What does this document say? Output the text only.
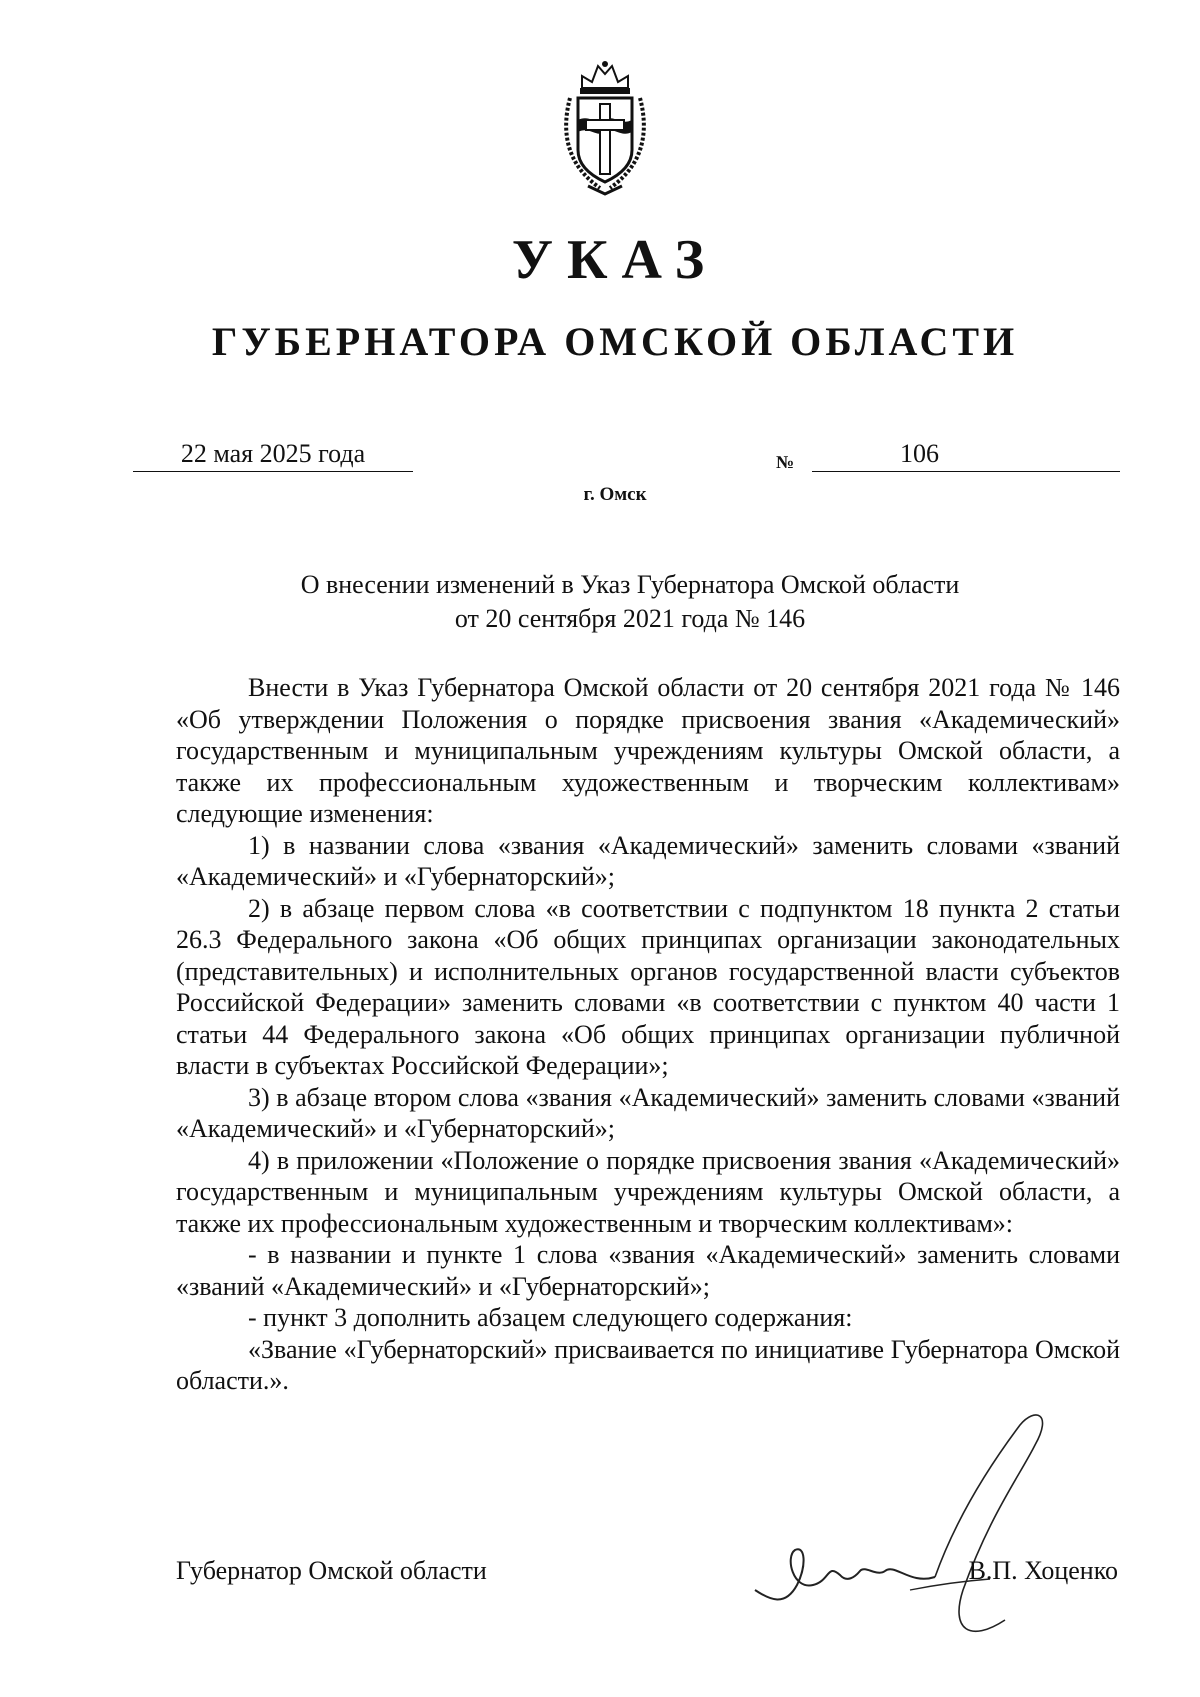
УКАЗ
ГУБЕРНАТОРА ОМСКОЙ ОБЛАСТИ
22 мая 2025 года	№	106
г. Омск
О внесении изменений в Указ Губернатора Омской области
от 20 сентября 2021 года № 146

Внести в Указ Губернатора Омской области от 20 сентября 2021 года № 146 «Об утверждении Положения о порядке присвоения звания «Академический» государственным и муниципальным учреждениям культуры Омской области, а также их профессиональным художественным и творческим коллективам» следующие изменения:

1) в названии слова «звания «Академический» заменить словами «званий «Академический» и «Губернаторский»;

2) в абзаце первом слова «в соответствии с подпунктом 18 пункта 2 статьи 26.3 Федерального закона «Об общих принципах организации законодательных (представительных) и исполнительных органов государственной власти субъектов Российской Федерации» заменить словами «в соответствии с пунктом 40 части 1 статьи 44 Федерального закона «Об общих принципах организации публичной власти в субъектах Российской Федерации»;

3) в абзаце втором слова «звания «Академический» заменить словами «званий «Академический» и «Губернаторский»;

4) в приложении «Положение о порядке присвоения звания «Академический» государственным и муниципальным учреждениям культуры Омской области, а также их профессиональным художественным и творческим коллективам»:

- в названии и пункте 1 слова «звания «Академический» заменить словами «званий «Академический» и «Губернаторский»;

- пункт 3 дополнить абзацем следующего содержания:

«Звание «Губернаторский» присваивается по инициативе Губернатора Омской области.».

Губернатор Омской области	В.П. Хоценко
